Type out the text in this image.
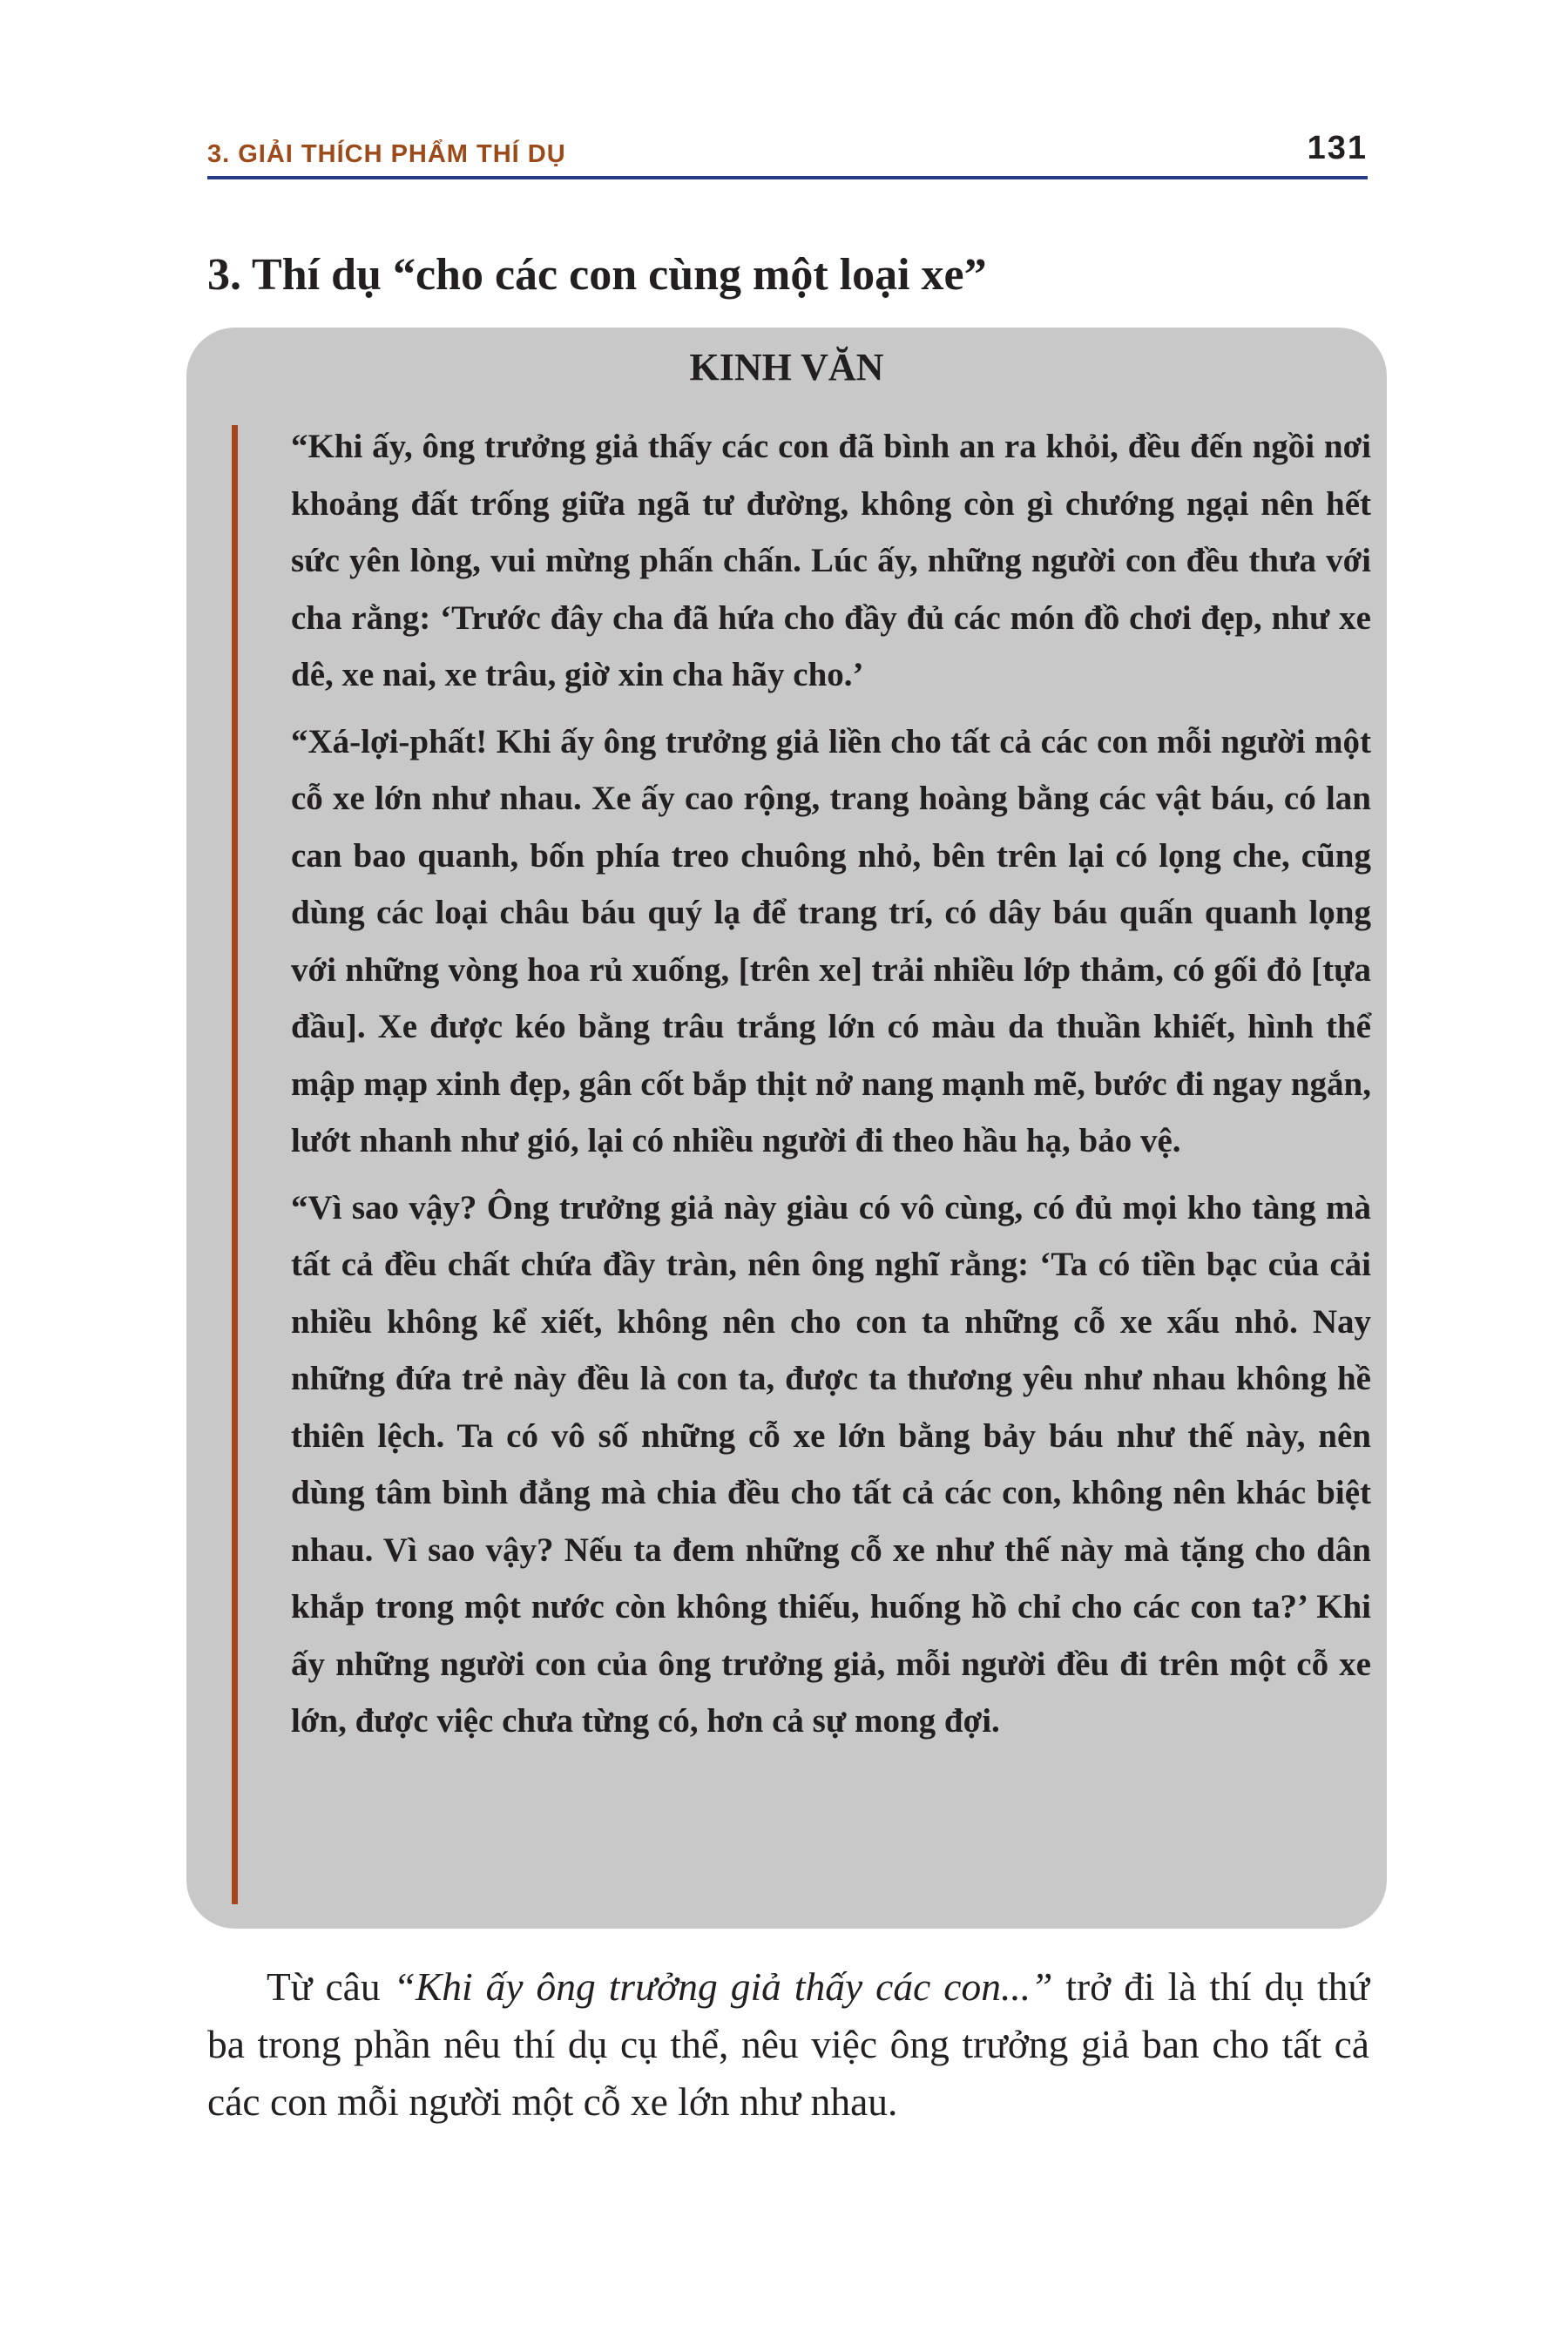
3. GIẢI THÍCH PHẨM THÍ DỤ	131
3. Thí dụ “cho các con cùng một loại xe”
KINH VĂN

“Khi ấy, ông trưởng giả thấy các con đã bình an ra khỏi, đều đến ngồi nơi khoảng đất trống giữa ngã tư đường, không còn gì chướng ngại nên hết sức yên lòng, vui mừng phấn chấn. Lúc ấy, những người con đều thưa với cha rằng: ‘Trước đây cha đã hứa cho đầy đủ các món đồ chơi đẹp, như xe dê, xe nai, xe trâu, giờ xin cha hãy cho.’

“Xá-lợi-phất! Khi ấy ông trưởng giả liền cho tất cả các con mỗi người một cỗ xe lớn như nhau. Xe ấy cao rộng, trang hoàng bằng các vật báu, có lan can bao quanh, bốn phía treo chuông nhỏ, bên trên lại có lọng che, cũng dùng các loại châu báu quý lạ để trang trí, có dây báu quấn quanh lọng với những vòng hoa rủ xuống, [trên xe] trải nhiều lớp thảm, có gối đỏ [tựa đầu]. Xe được kéo bằng trâu trắng lớn có màu da thuần khiết, hình thể mập mạp xinh đẹp, gân cốt bắp thịt nở nang mạnh mẽ, bước đi ngay ngắn, lướt nhanh như gió, lại có nhiều người đi theo hầu hạ, bảo vệ.

“Vì sao vậy? Ông trưởng giả này giàu có vô cùng, có đủ mọi kho tàng mà tất cả đều chất chứa đầy tràn, nên ông nghĩ rằng: ‘Ta có tiền bạc của cải nhiều không kể xiết, không nên cho con ta những cỗ xe xấu nhỏ. Nay những đứa trẻ này đều là con ta, được ta thương yêu như nhau không hề thiên lệch. Ta có vô số những cỗ xe lớn bằng bảy báu như thế này, nên dùng tâm bình đẳng mà chia đều cho tất cả các con, không nên khác biệt nhau. Vì sao vậy? Nếu ta đem những cỗ xe như thế này mà tặng cho dân khắp trong một nước còn không thiếu, huống hồ chỉ cho các con ta?’ Khi ấy những người con của ông trưởng giả, mỗi người đều đi trên một cỗ xe lớn, được việc chưa từng có, hơn cả sự mong đợi.

Từ câu “Khi ấy ông trưởng giả thấy các con...” trở đi là thí dụ thứ ba trong phần nêu thí dụ cụ thể, nêu việc ông trưởng giả ban cho tất cả các con mỗi người một cỗ xe lớn như nhau.
